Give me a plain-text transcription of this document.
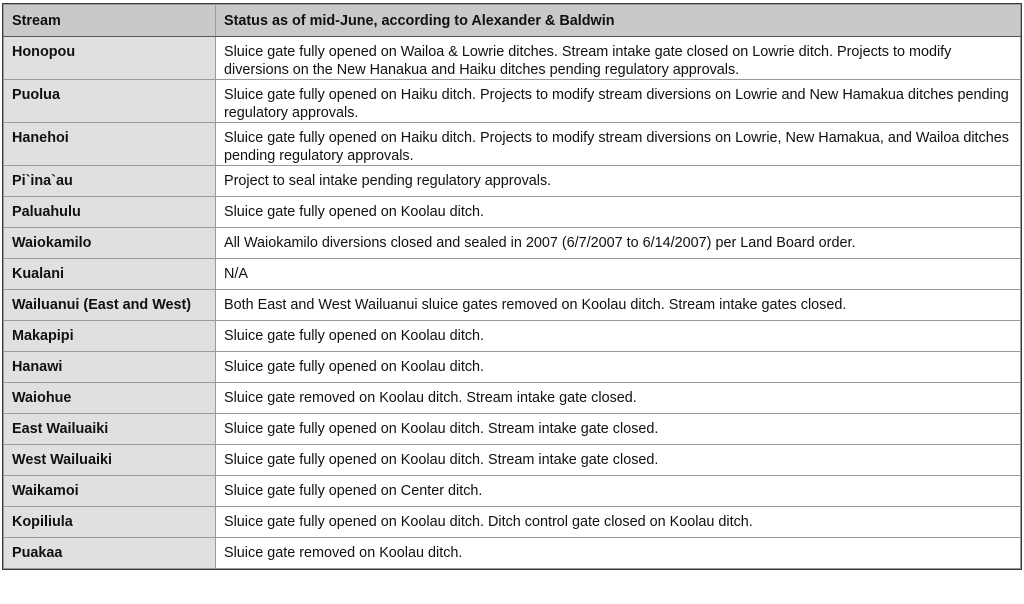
Stream	Status as of mid-June, according to Alexander & Baldwin
Honopou	Sluice gate fully opened on Wailoa & Lowrie ditches. Stream intake gate closed on Lowrie ditch. Projects to modify diversions on the New Hanakua and Haiku ditches pending regulatory approvals.
Puolua	Sluice gate fully opened on Haiku ditch. Projects to modify stream diversions on Lowrie and New Hamakua ditches pending regulatory approvals.
Hanehoi	Sluice gate fully opened on Haiku ditch. Projects to modify stream diversions on Lowrie, New Hamakua, and Wailoa ditches pending regulatory approvals.
Pi`ina`au	Project to seal intake pending regulatory approvals.
Paluahulu	Sluice gate fully opened on Koolau ditch.
Waiokamilo	All Waiokamilo diversions closed and sealed in 2007 (6/7/2007 to 6/14/2007) per Land Board order.
Kualani	N/A
Wailuanui (East and West)	Both East and West Wailuanui sluice gates removed on Koolau ditch. Stream intake gates closed.
Makapipi	Sluice gate fully opened on Koolau ditch.
Hanawi	Sluice gate fully opened on Koolau ditch.
Waiohue	Sluice gate removed on Koolau ditch. Stream intake gate closed.
East Wailuaiki	Sluice gate fully opened on Koolau ditch. Stream intake gate closed.
West Wailuaiki	Sluice gate fully opened on Koolau ditch. Stream intake gate closed.
Waikamoi	Sluice gate fully opened on Center ditch.
Kopiliula	Sluice gate fully opened on Koolau ditch. Ditch control gate closed on Koolau ditch.
Puakaa	Sluice gate removed on Koolau ditch.
